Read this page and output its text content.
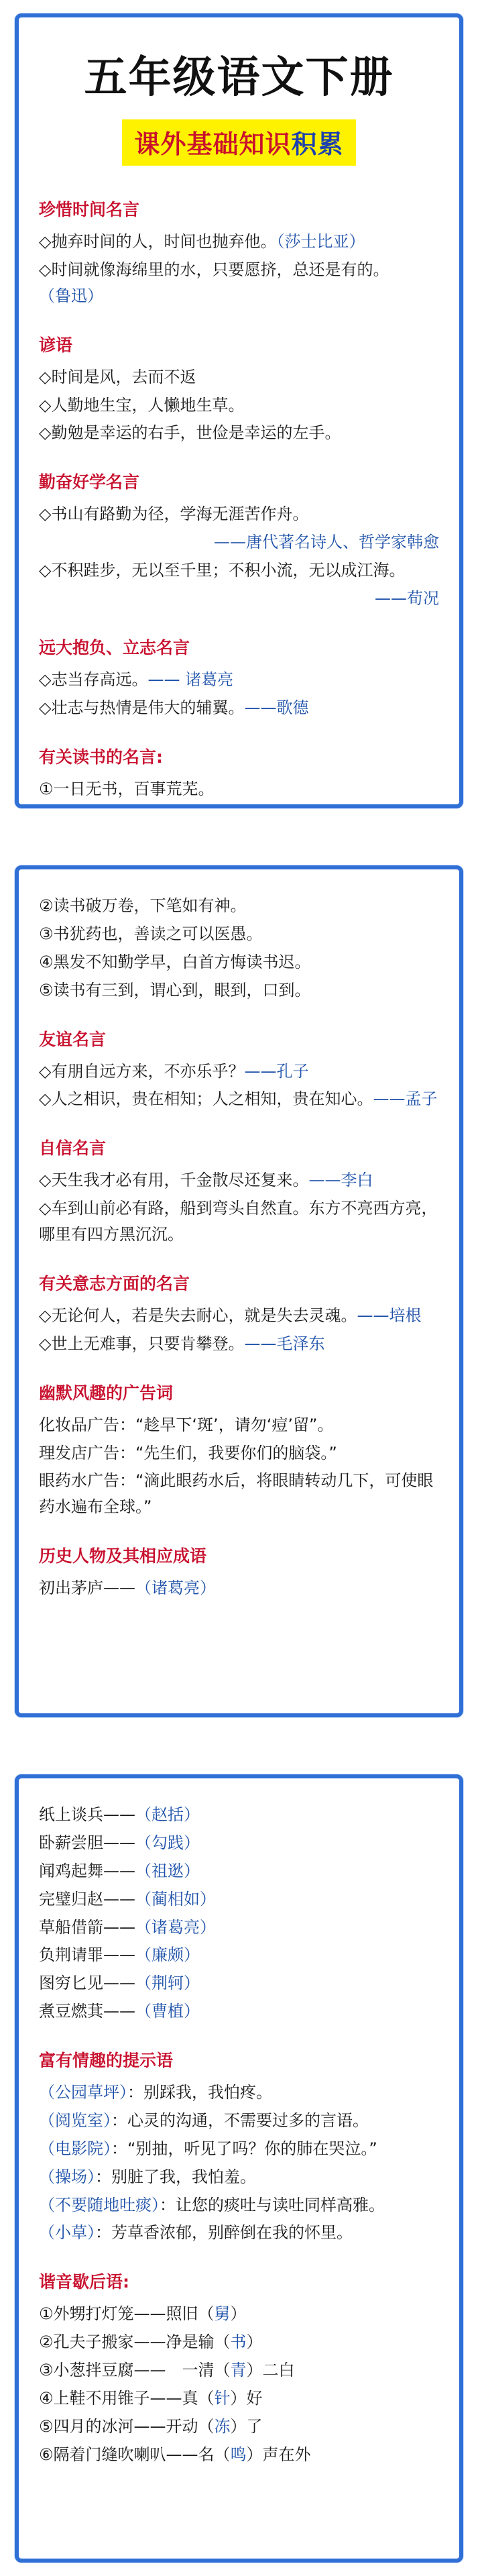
五年级语文下册
课外基础知识积累
珍惜时间名言
◇抛弃时间的人，时间也抛弃他。（莎士比亚）
◇时间就像海绵里的水，只要愿挤，总还是有的。（鲁迅）
谚语
◇时间是风，去而不返
◇人勤地生宝，人懒地生草。
◇勤勉是幸运的右手，世俭是幸运的左手。
勤奋好学名言
◇书山有路勤为径，学海无涯苦作舟。
——唐代著名诗人、哲学家韩愈
◇不积跬步，无以至千里；不积小流，无以成江海。
——荀况
远大抱负、立志名言
◇志当存高远。—— 诸葛亮
◇壮志与热情是伟大的辅翼。——歌德
有关读书的名言:
①一日无书，百事荒芜。
②读书破万卷，下笔如有神。
③书犹药也，善读之可以医愚。
④黑发不知勤学早，白首方悔读书迟。
⑤读书有三到，谓心到，眼到，口到。
友谊名言
◇有朋自远方来，不亦乐乎？——孔子
◇人之相识，贵在相知；人之相知，贵在知心。——孟子
自信名言
◇天生我才必有用，千金散尽还复来。——李白
◇车到山前必有路，船到弯头自然直。东方不亮西方亮，哪里有四方黑沉沉。
有关意志方面的名言
◇无论何人，若是失去耐心，就是失去灵魂。——培根
◇世上无难事，只要肯攀登。——毛泽东
幽默风趣的广告词
化妆品广告：“趁早下‘斑’，请勿‘痘’留”。
理发店广告：“先生们，我要你们的脑袋。”
眼药水广告：“滴此眼药水后，将眼睛转动几下，可使眼药水遍布全球。”
历史人物及其相应成语
初出茅庐——（诸葛亮）
纸上谈兵——（赵括）
卧薪尝胆——（勾践）
闻鸡起舞——（祖逖）
完璧归赵——（蔺相如）
草船借箭——（诸葛亮）
负荆请罪——（廉颇）
图穷匕见——（荆轲）
煮豆燃萁——（曹植）
富有情趣的提示语
（公园草坪）：别踩我，我怕疼。
（阅览室）：心灵的沟通，不需要过多的言语。
（电影院）：“别抽，听见了吗？你的肺在哭泣。”
（操场）：别脏了我，我怕羞。
（不要随地吐痰）：让您的痰吐与读吐同样高雅。
（小草）：芳草香浓郁，别醉倒在我的怀里。
谐音歇后语:
①外甥打灯笼——照旧（舅）
②孔夫子搬家——净是输（书）
③小葱拌豆腐——　一清（青）二白
④上鞋不用锥子——真（针）好
⑤四月的冰河——开动（冻）了
⑥隔着门缝吹喇叭——名（鸣）声在外
